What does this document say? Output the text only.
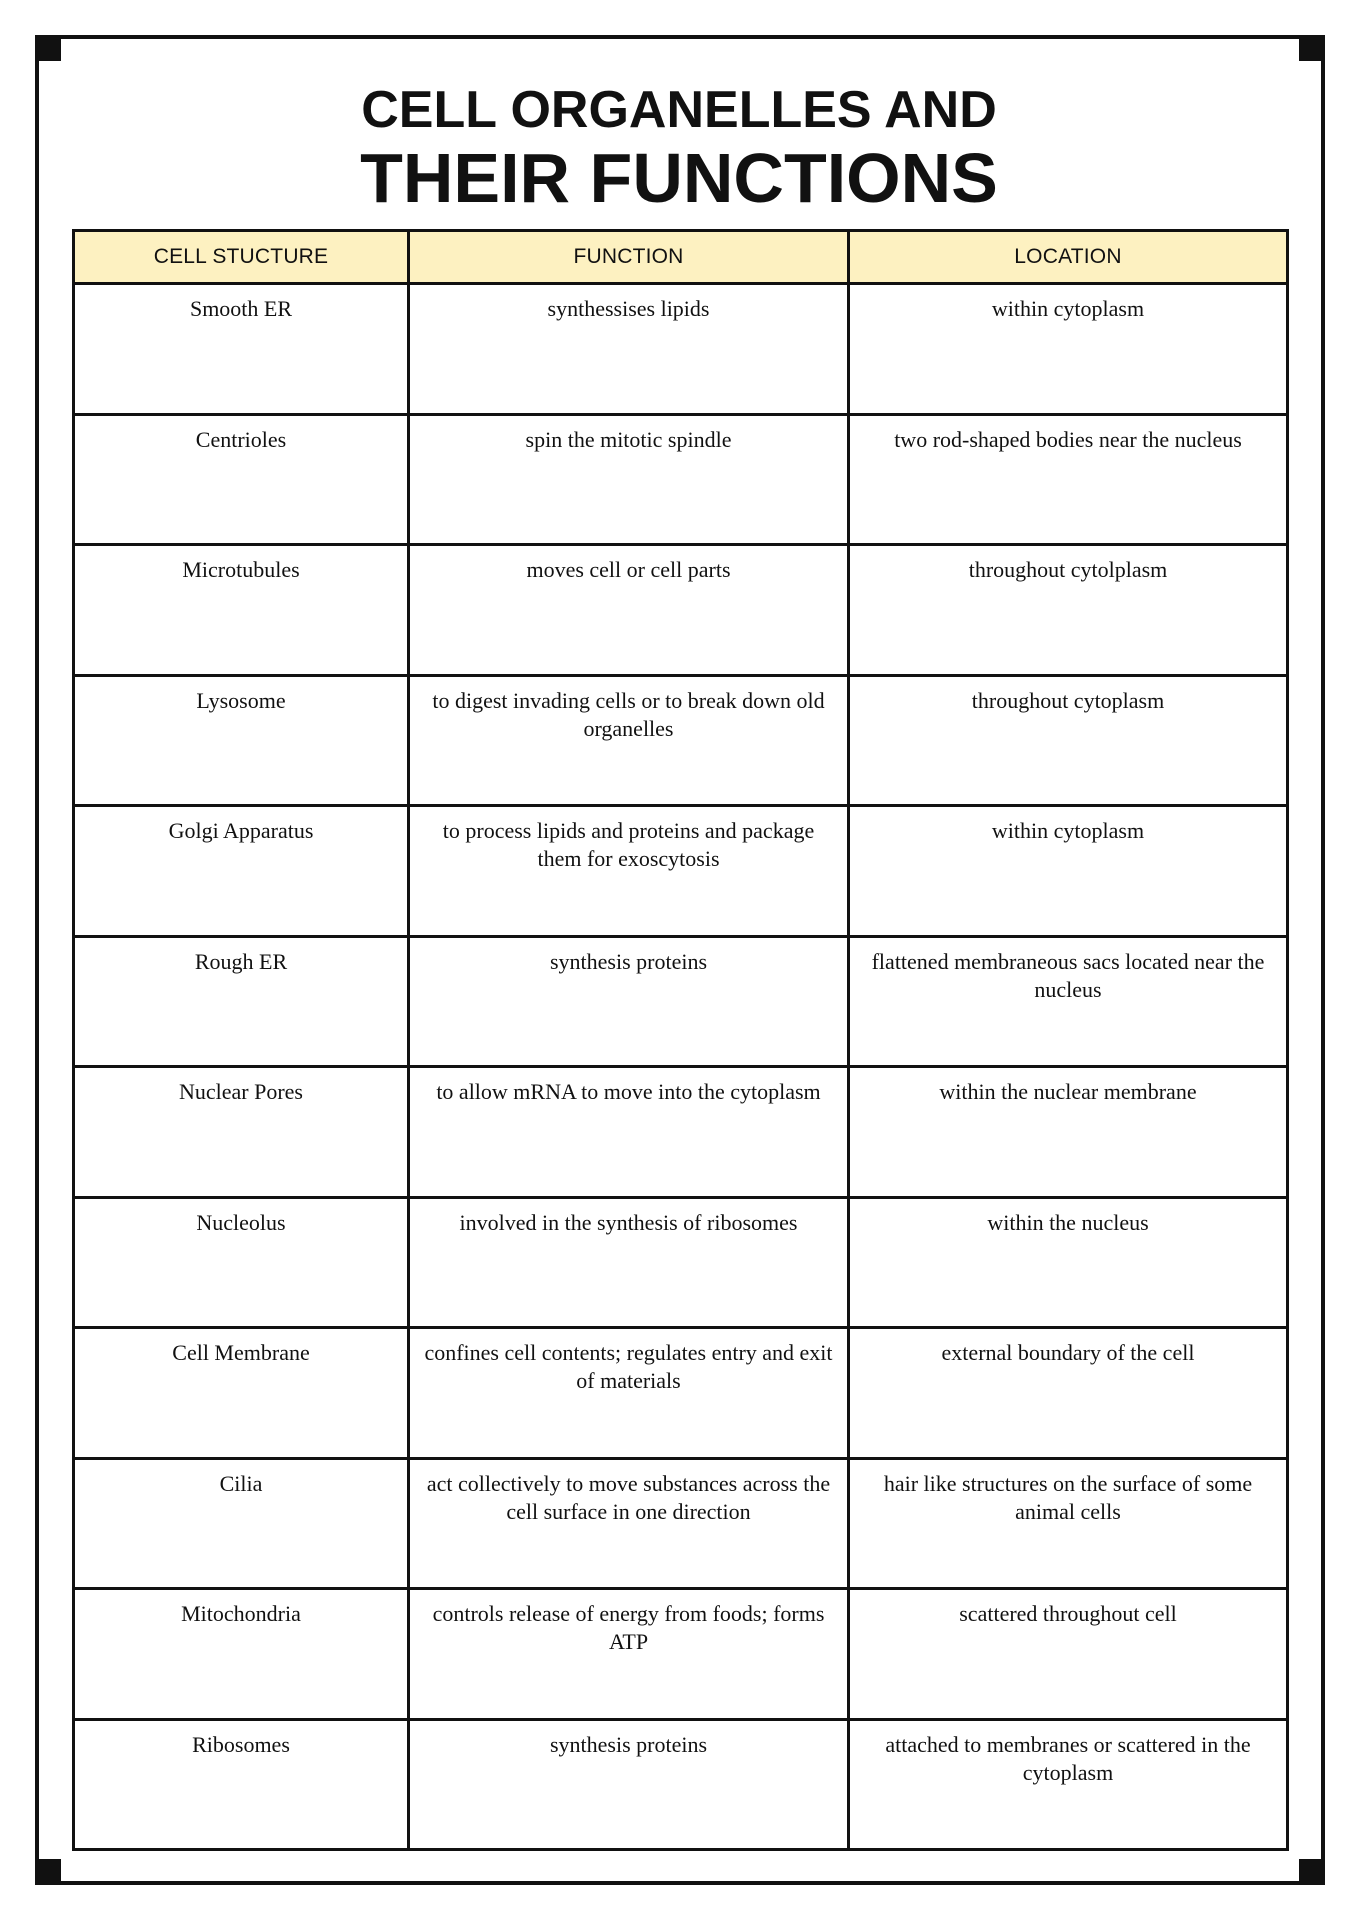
CELL ORGANELLES AND
THEIR FUNCTIONS
CELL STUCTURE	FUNCTION	LOCATION
Smooth ER	synthessises lipids	within cytoplasm
Centrioles	spin the mitotic spindle	two rod-shaped bodies near the nucleus
Microtubules	moves cell or cell parts	throughout cytolplasm
Lysosome	to digest invading cells or to break down old organelles	throughout cytoplasm
Golgi Apparatus	to process lipids and proteins and package them for exoscytosis	within cytoplasm
Rough ER	synthesis proteins	flattened membraneous sacs located near the nucleus
Nuclear Pores	to allow mRNA to move into the cytoplasm	within the nuclear membrane
Nucleolus	involved in the synthesis of ribosomes	within the nucleus
Cell Membrane	confines cell contents; regulates entry and exit of materials	external boundary of the cell
Cilia	act collectively to move substances across the cell surface in one direction	hair like structures on the surface of some animal cells
Mitochondria	controls release of energy from foods; forms ATP	scattered throughout cell
Ribosomes	synthesis proteins	attached to membranes or scattered in the cytoplasm
